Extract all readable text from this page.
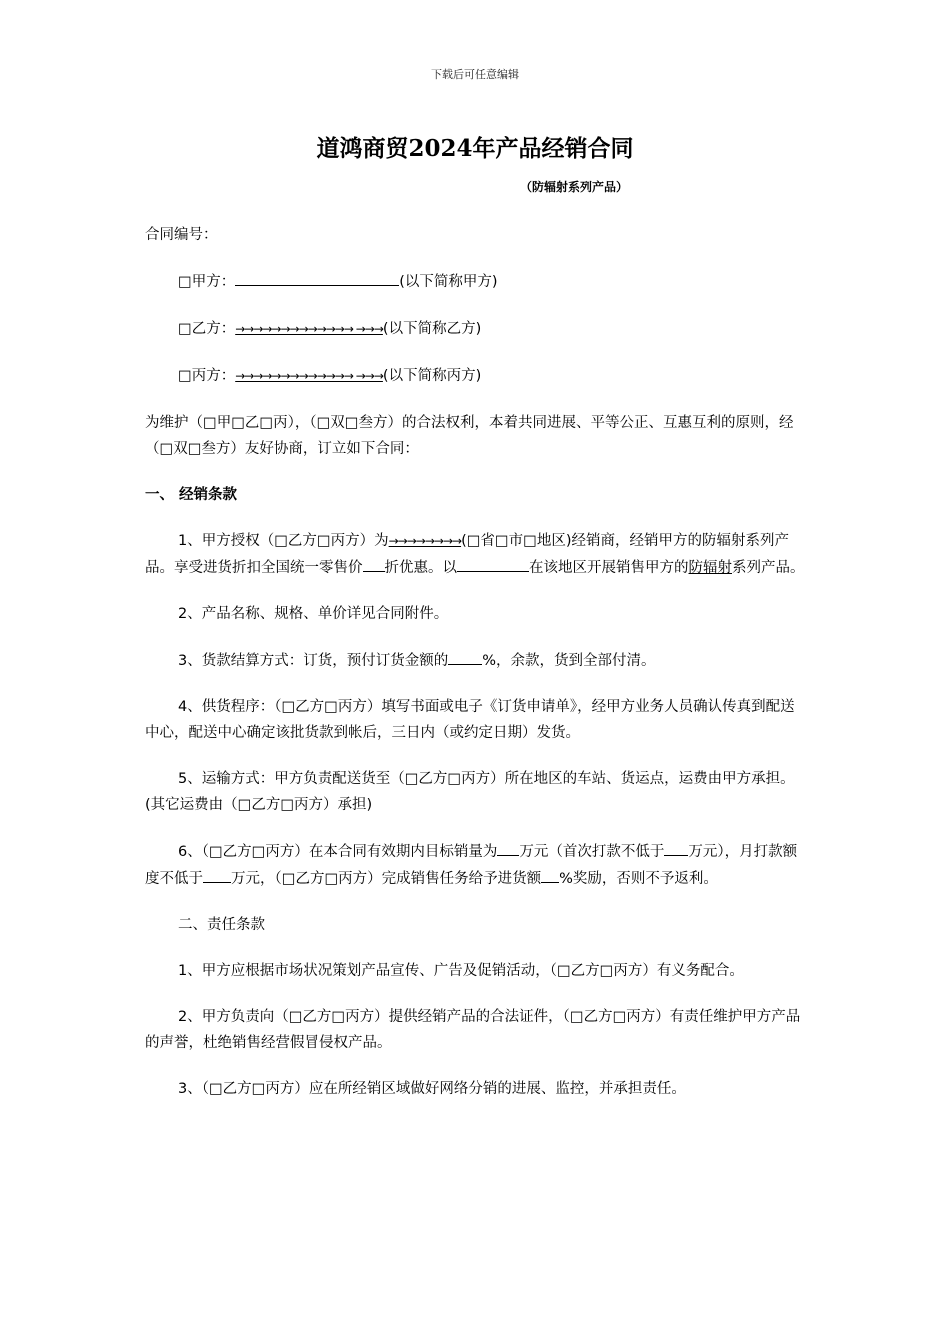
下载后可任意编辑
道鸿商贸2024年产品经销合同
（防辐射系列产品）

合同编号：

□甲方：	(以下简称甲方)

□乙方：→→→→→→→→→→→→→ →→→(以下简称乙方)

□丙方：→→→→→→→→→→→→→ →→→(以下简称丙方)

为维护（□甲□乙□丙），（□双□叁方）的合法权利，本着共同进展、平等公正、互惠互利的原则，经（□双□叁方）友好协商，订立如下合同：

一、 经销条款

1、甲方授权（□乙方□丙方）为→→→→→→→→(□省□市□地区)经销商，经销甲方的防辐射系列产品。享受进货折扣全国统一零售价 折优惠。以	在该地区开展销售甲方的防辐射系列产品。

2、产品名称、规格、单价详见合同附件。

3、货款结算方式：订货，预付订货金额的 %，余款，货到全部付清。

4、供货程序：（□乙方□丙方）填写书面或电子《订货申请单》，经甲方业务人员确认传真到配送中心，配送中心确定该批货款到帐后，三日内（或约定日期）发货。

5、运输方式：甲方负责配送货至（□乙方□丙方）所在地区的车站、货运点，运费由甲方承担。(其它运费由（□乙方□丙方）承担)

6、（□乙方□丙方）在本合同有效期内目标销量为 万元（首次打款不低于 万元），月打款额度不低于 万元，（□乙方□丙方）完成销售任务给予进货额 %奖励，否则不予返利。

二、责任条款

1、甲方应根据市场状况策划产品宣传、广告及促销活动，（□乙方□丙方）有义务配合。

2、甲方负责向（□乙方□丙方）提供经销产品的合法证件，（□乙方□丙方）有责任维护甲方产品的声誉，杜绝销售经营假冒侵权产品。

3、（□乙方□丙方）应在所经销区域做好网络分销的进展、监控，并承担责任。
